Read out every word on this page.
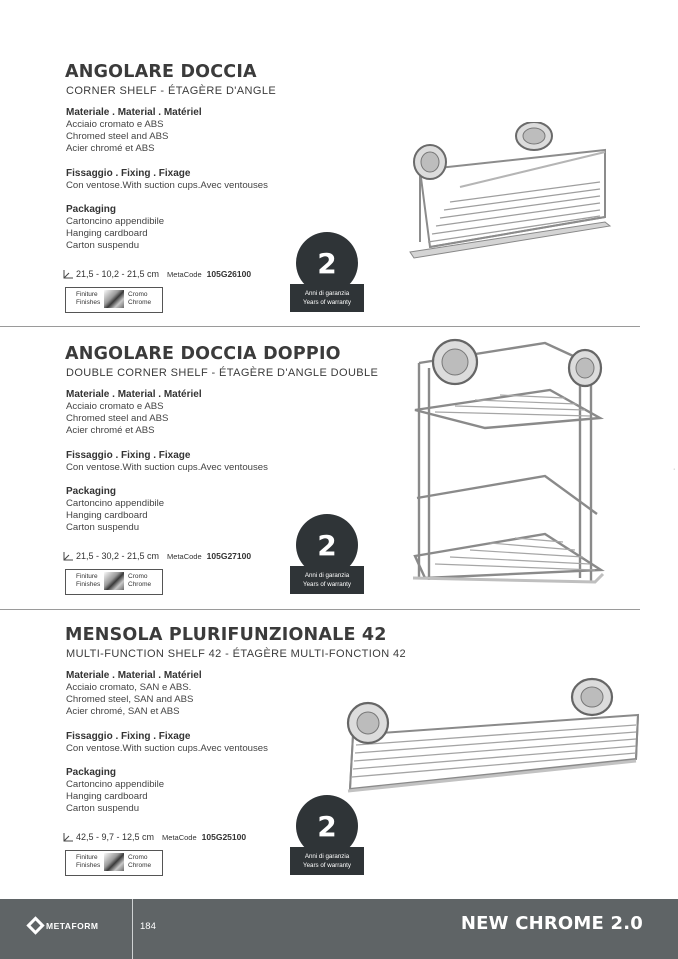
ANGOLARE DOCCIA
CORNER SHELF - ÉTAGÈRE D'ANGLE
Materiale . Material . Matériel
Acciaio cromato e ABS
Chromed steel and ABS
Acier chromé et ABS
Fissaggio . Fixing . Fixage
Con ventose.With suction cups.Avec ventouses
Packaging
Cartoncino appendibile
Hanging cardboard
Carton suspendu
21,5 - 10,2 - 21,5 cm MetaCode 105G26100
Finiture
Finishes
Cromo
Chrome
2
Anni di garanzia
Years of warranty
ANGOLARE DOCCIA DOPPIO
DOUBLE CORNER SHELF - ÉTAGÈRE D'ANGLE DOUBLE
Materiale . Material . Matériel
Acciaio cromato e ABS
Chromed steel and ABS
Acier chromé et ABS
Fissaggio . Fixing . Fixage
Con ventose.With suction cups.Avec ventouses
Packaging
Cartoncino appendibile
Hanging cardboard
Carton suspendu
21,5 - 30,2 - 21,5 cm MetaCode 105G27100
Finiture
Finishes
Cromo
Chrome
2
Anni di garanzia
Years of warranty
MENSOLA PLURIFUNZIONALE 42
MULTI-FUNCTION SHELF 42 - ÉTAGÈRE MULTI-FONCTION 42
Materiale . Material . Matériel
Acciaio cromato, SAN e ABS.
Chromed steel, SAN and ABS
Acier chromé, SAN et ABS
Fissaggio . Fixing . Fixage
Con ventose.With suction cups.Avec ventouses
Packaging
Cartoncino appendibile
Hanging cardboard
Carton suspendu
42,5 - 9,7 - 12,5 cm MetaCode 105G25100
Finiture
Finishes
Cromo
Chrome
2
Anni di garanzia
Years of warranty
·
METAFORM	184	NEW CHROME 2.0
